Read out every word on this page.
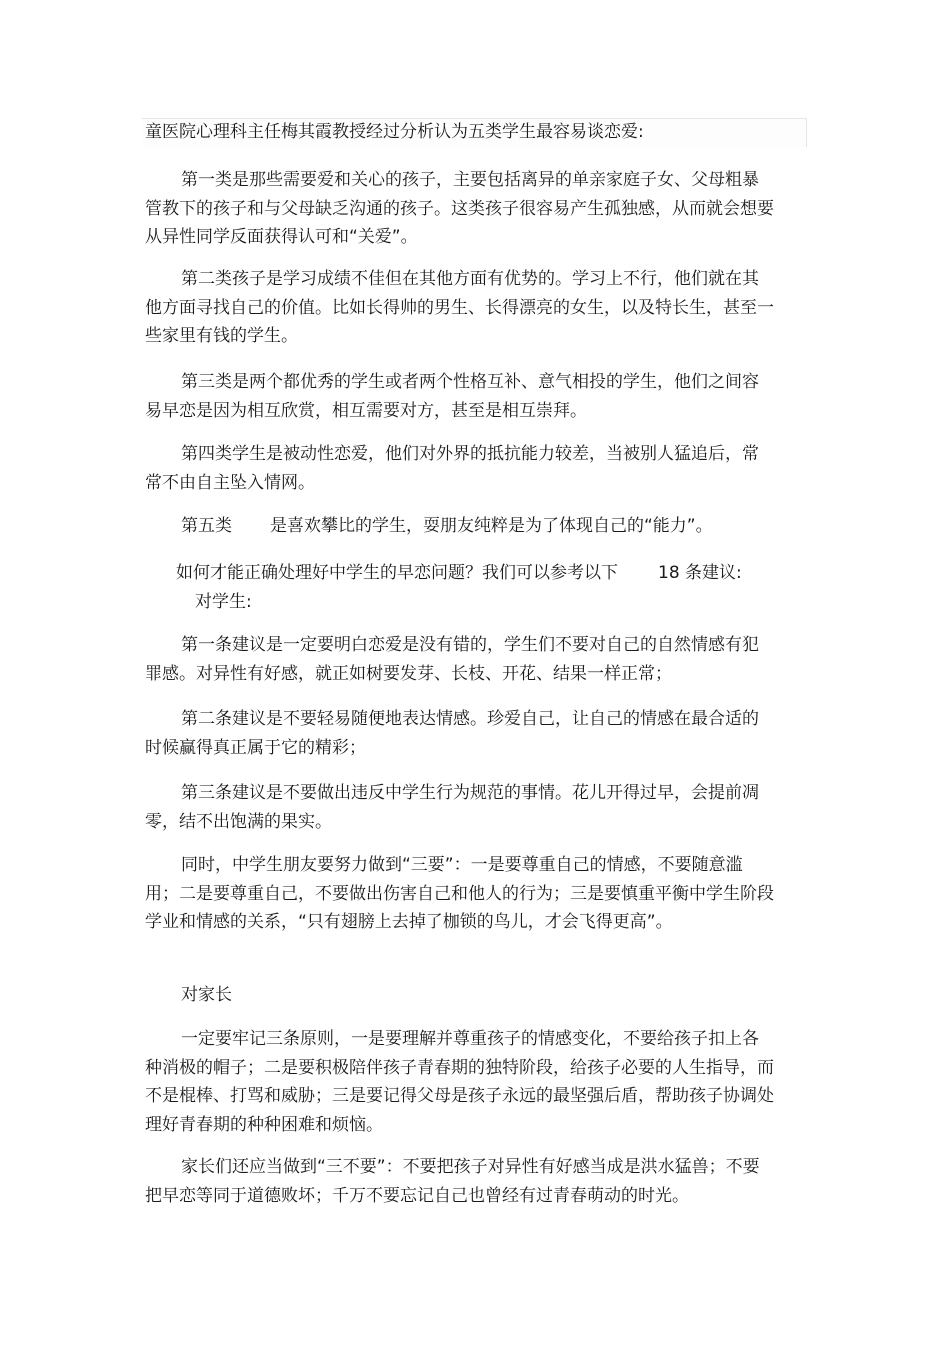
童医院心理科主任梅其霞教授经过分析认为五类学生最容易谈恋爱:

第一类是那些需要爱和关心的孩子，主要包括离异的单亲家庭子女、父母粗暴管教下的孩子和与父母缺乏沟通的孩子。这类孩子很容易产生孤独感，从而就会想要从异性同学反面获得认可和“关爱”。

第二类孩子是学习成绩不佳但在其他方面有优势的。学习上不行，他们就在其他方面寻找自己的价值。比如长得帅的男生、长得漂亮的女生，以及特长生，甚至一些家里有钱的学生。

第三类是两个都优秀的学生或者两个性格互补、意气相投的学生，他们之间容易早恋是因为相互欣赏，相互需要对方，甚至是相互崇拜。

第四类学生是被动性恋爱，他们对外界的抵抗能力较差，当被别人猛追后，常常不由自主坠入情网。

第五类 是喜欢攀比的学生，耍朋友纯粹是为了体现自己的“能力”。

如何才能正确处理好中学生的早恋问题？我们可以参考以下 18 条建议:

对学生:

第一条建议是一定要明白恋爱是没有错的，学生们不要对自己的自然情感有犯罪感。对异性有好感，就正如树要发芽、长枝、开花、结果一样正常；

第二条建议是不要轻易随便地表达情感。珍爱自己，让自己的情感在最合适的时候赢得真正属于它的精彩；

第三条建议是不要做出违反中学生行为规范的事情。花儿开得过早，会提前凋零，结不出饱满的果实。

同时，中学生朋友要努力做到“三要”：一是要尊重自己的情感，不要随意滥用；二是要尊重自己，不要做出伤害自己和他人的行为；三是要慎重平衡中学生阶段学业和情感的关系，“只有翅膀上去掉了枷锁的鸟儿，才会飞得更高”。

对家长

一定要牢记三条原则，一是要理解并尊重孩子的情感变化，不要给孩子扣上各种消极的帽子；二是要积极陪伴孩子青春期的独特阶段，给孩子必要的人生指导，而不是棍棒、打骂和威胁；三是要记得父母是孩子永远的最坚强后盾，帮助孩子协调处理好青春期的种种困难和烦恼。

家长们还应当做到“三不要”：不要把孩子对异性有好感当成是洪水猛兽；不要把早恋等同于道德败坏；千万不要忘记自己也曾经有过青春萌动的时光。
